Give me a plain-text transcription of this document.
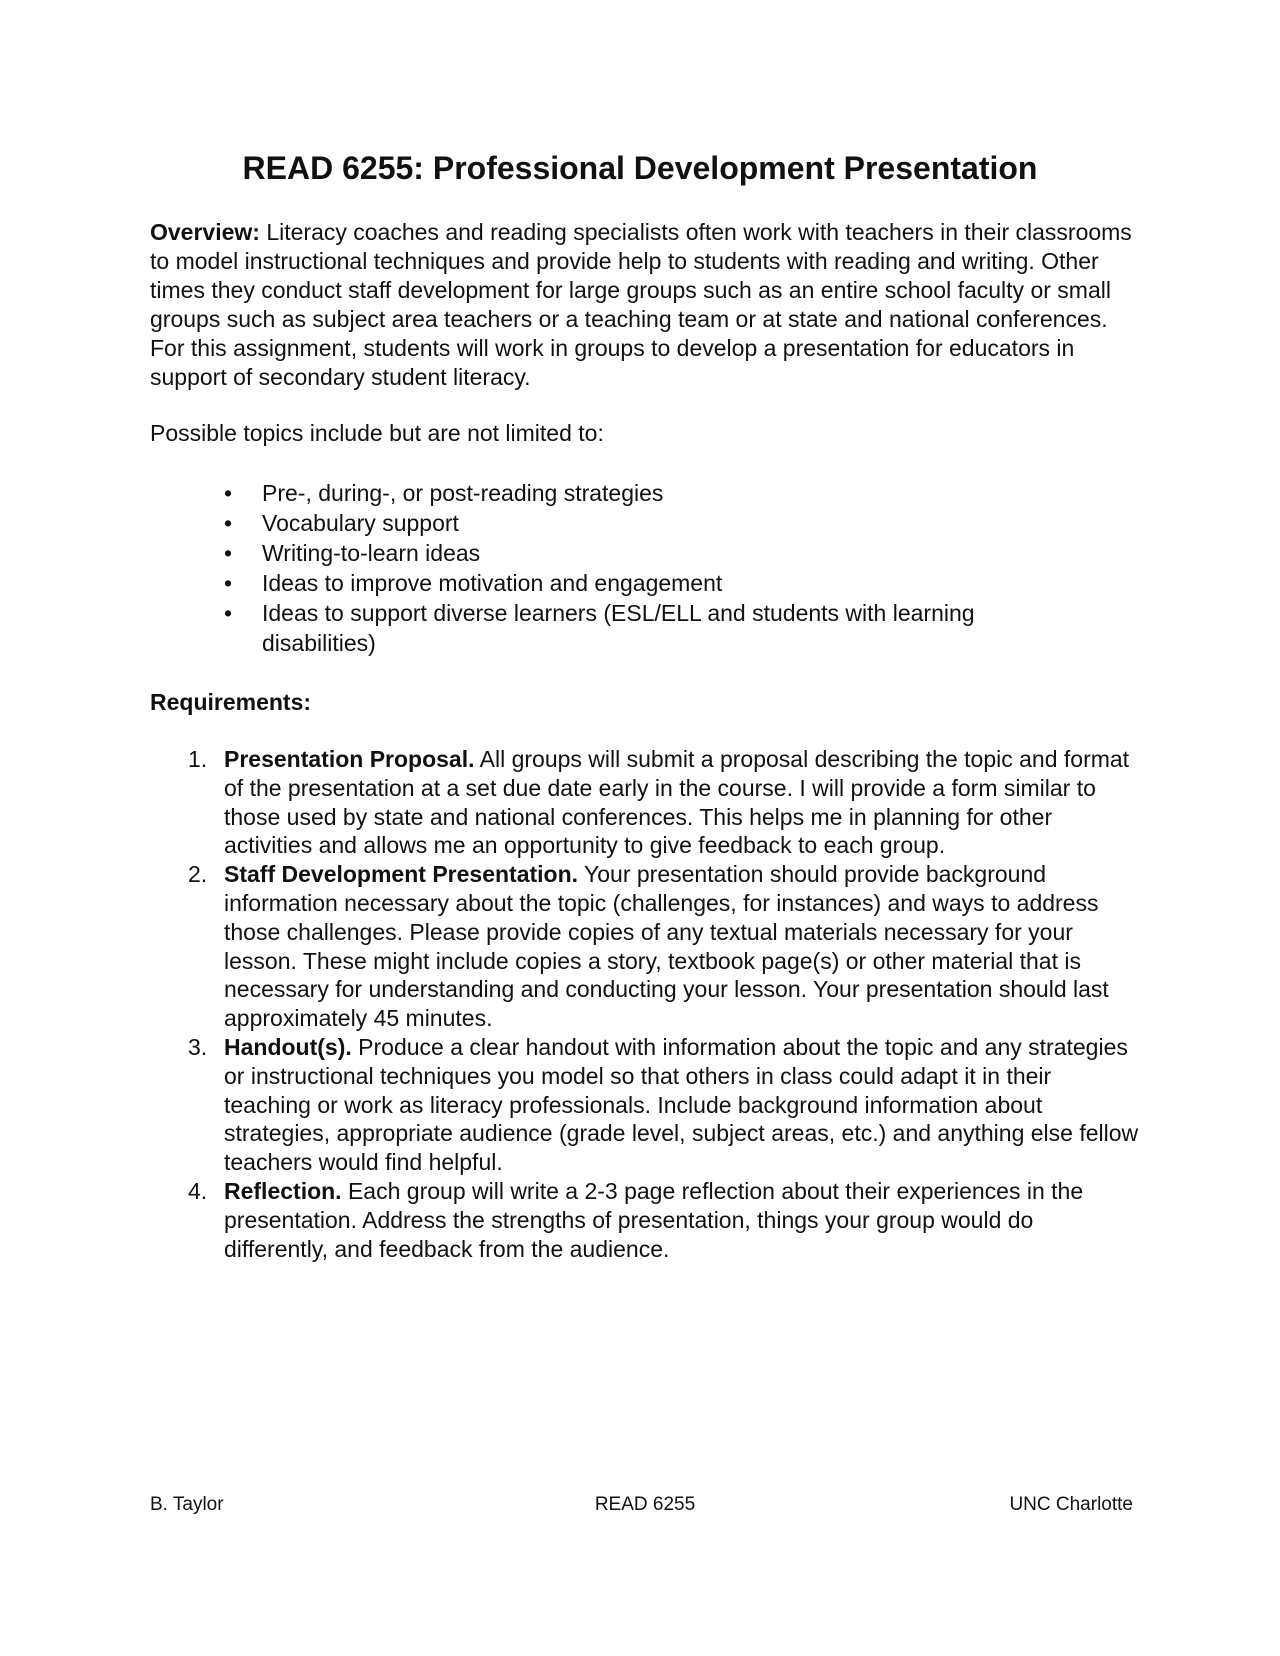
READ 6255: Professional Development Presentation

Overview: Literacy coaches and reading specialists often work with teachers in their classrooms to model instructional techniques and provide help to students with reading and writing. Other times they conduct staff development for large groups such as an entire school faculty or small groups such as subject area teachers or a teaching team or at state and national conferences. For this assignment, students will work in groups to develop a presentation for educators in support of secondary student literacy.

Possible topics include but are not limited to:

• Pre-, during-, or post-reading strategies
• Vocabulary support
• Writing-to-learn ideas
• Ideas to improve motivation and engagement
• Ideas to support diverse learners (ESL/ELL and students with learning disabilities)

Requirements:

1. Presentation Proposal. All groups will submit a proposal describing the topic and format of the presentation at a set due date early in the course. I will provide a form similar to those used by state and national conferences. This helps me in planning for other activities and allows me an opportunity to give feedback to each group.
2. Staff Development Presentation. Your presentation should provide background information necessary about the topic (challenges, for instances) and ways to address those challenges. Please provide copies of any textual materials necessary for your lesson. These might include copies a story, textbook page(s) or other material that is necessary for understanding and conducting your lesson. Your presentation should last approximately 45 minutes.
3. Handout(s). Produce a clear handout with information about the topic and any strategies or instructional techniques you model so that others in class could adapt it in their teaching or work as literacy professionals. Include background information about strategies, appropriate audience (grade level, subject areas, etc.) and anything else fellow teachers would find helpful.
4. Reflection. Each group will write a 2-3 page reflection about their experiences in the presentation. Address the strengths of presentation, things your group would do differently, and feedback from the audience.

B. Taylor	READ 6255	UNC Charlotte
